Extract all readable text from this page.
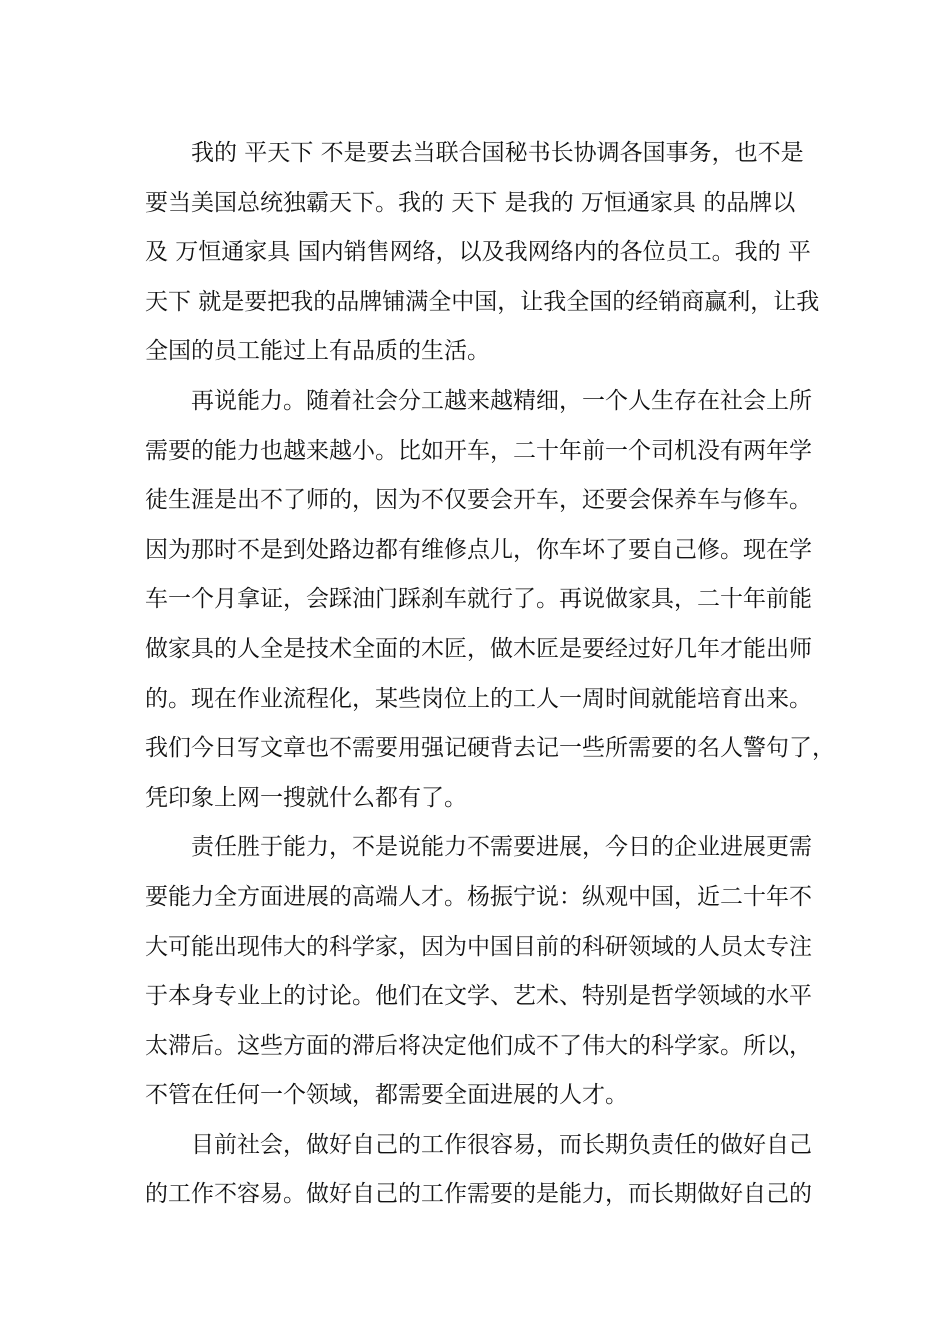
我的 平天下 不是要去当联合国秘书长协调各国事务，也不是
要当美国总统独霸天下。我的 天下 是我的 万恒通家具 的品牌以
及 万恒通家具 国内销售网络，以及我网络内的各位员工。我的 平
天下 就是要把我的品牌铺满全中国，让我全国的经销商赢利，让我
全国的员工能过上有品质的生活。
再说能力。随着社会分工越来越精细，一个人生存在社会上所
需要的能力也越来越小。比如开车，二十年前一个司机没有两年学
徒生涯是出不了师的，因为不仅要会开车，还要会保养车与修车。
因为那时不是到处路边都有维修点儿，你车坏了要自己修。现在学
车一个月拿证，会踩油门踩刹车就行了。再说做家具，二十年前能
做家具的人全是技术全面的木匠，做木匠是要经过好几年才能出师
的。现在作业流程化，某些岗位上的工人一周时间就能培育出来。
我们今日写文章也不需要用强记硬背去记一些所需要的名人警句了，
凭印象上网一搜就什么都有了。
责任胜于能力，不是说能力不需要进展，今日的企业进展更需
要能力全方面进展的高端人才。杨振宁说：纵观中国，近二十年不
大可能出现伟大的科学家，因为中国目前的科研领域的人员太专注
于本身专业上的讨论。他们在文学、艺术、特别是哲学领域的水平
太滞后。这些方面的滞后将决定他们成不了伟大的科学家。所以，
不管在任何一个领域，都需要全面进展的人才。
目前社会，做好自己的工作很容易，而长期负责任的做好自己
的工作不容易。做好自己的工作需要的是能力，而长期做好自己的
